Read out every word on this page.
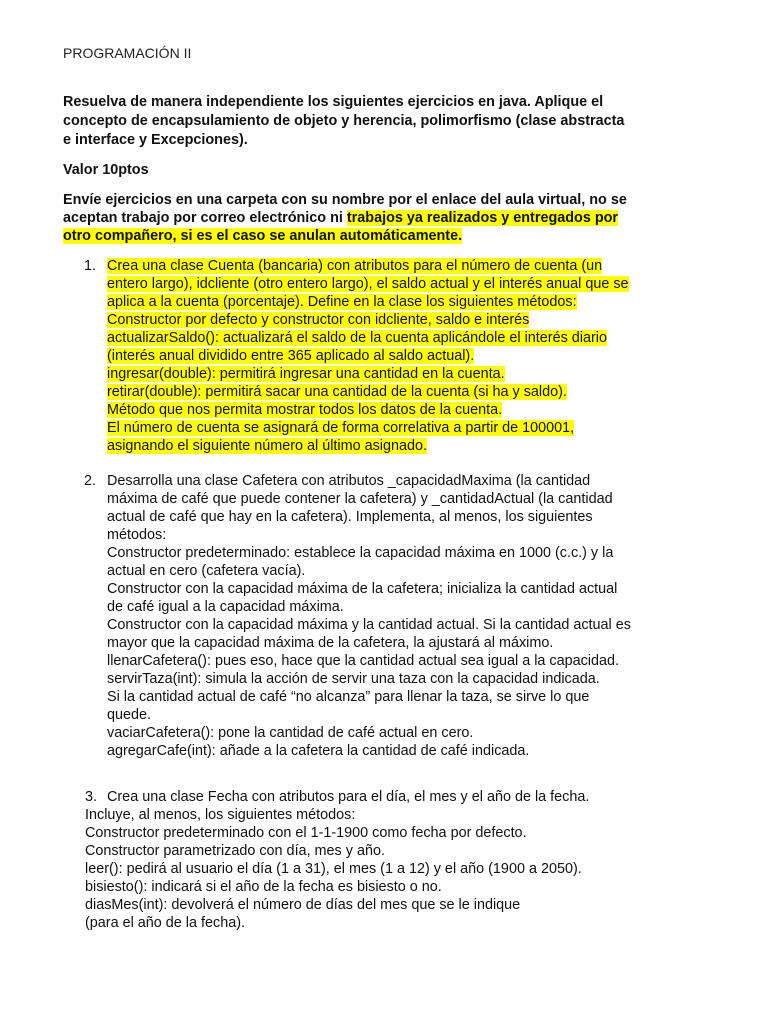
PROGRAMACIÓN II
Resuelva de manera independiente los siguientes ejercicios en java. Aplique el
concepto de encapsulamiento de objeto y herencia, polimorfismo (clase abstracta
e interface y Excepciones).
Valor 10ptos
Envíe ejercicios en una carpeta con su nombre por el enlace del aula virtual, no se
aceptan trabajo por correo electrónico ni trabajos ya realizados y entregados por
otro compañero, si es el caso se anulan automáticamente.
1. Crea una clase Cuenta (bancaria) con atributos para el número de cuenta (un
entero largo), idcliente (otro entero largo), el saldo actual y el interés anual que se
aplica a la cuenta (porcentaje). Define en la clase los siguientes métodos:
Constructor por defecto y constructor con idcliente, saldo e interés
actualizarSaldo(): actualizará el saldo de la cuenta aplicándole el interés diario
(interés anual dividido entre 365 aplicado al saldo actual).
ingresar(double): permitirá ingresar una cantidad en la cuenta.
retirar(double): permitirá sacar una cantidad de la cuenta (si ha y saldo).
Método que nos permita mostrar todos los datos de la cuenta.
El número de cuenta se asignará de forma correlativa a partir de 100001,
asignando el siguiente número al último asignado.
2. Desarrolla una clase Cafetera con atributos _capacidadMaxima (la cantidad
máxima de café que puede contener la cafetera) y _cantidadActual (la cantidad
actual de café que hay en la cafetera). Implementa, al menos, los siguientes
métodos:
Constructor predeterminado: establece la capacidad máxima en 1000 (c.c.) y la
actual en cero (cafetera vacía).
Constructor con la capacidad máxima de la cafetera; inicializa la cantidad actual
de café igual a la capacidad máxima.
Constructor con la capacidad máxima y la cantidad actual. Si la cantidad actual es
mayor que la capacidad máxima de la cafetera, la ajustará al máximo.
llenarCafetera(): pues eso, hace que la cantidad actual sea igual a la capacidad.
servirTaza(int): simula la acción de servir una taza con la capacidad indicada.
Si la cantidad actual de café “no alcanza” para llenar la taza, se sirve lo que
quede.
vaciarCafetera(): pone la cantidad de café actual en cero.
agregarCafe(int): añade a la cafetera la cantidad de café indicada.
3. Crea una clase Fecha con atributos para el día, el mes y el año de la fecha.
Incluye, al menos, los siguientes métodos:
Constructor predeterminado con el 1-1-1900 como fecha por defecto.
Constructor parametrizado con día, mes y año.
leer(): pedirá al usuario el día (1 a 31), el mes (1 a 12) y el año (1900 a 2050).
bisiesto(): indicará si el año de la fecha es bisiesto o no.
diasMes(int): devolverá el número de días del mes que se le indique
(para el año de la fecha).
